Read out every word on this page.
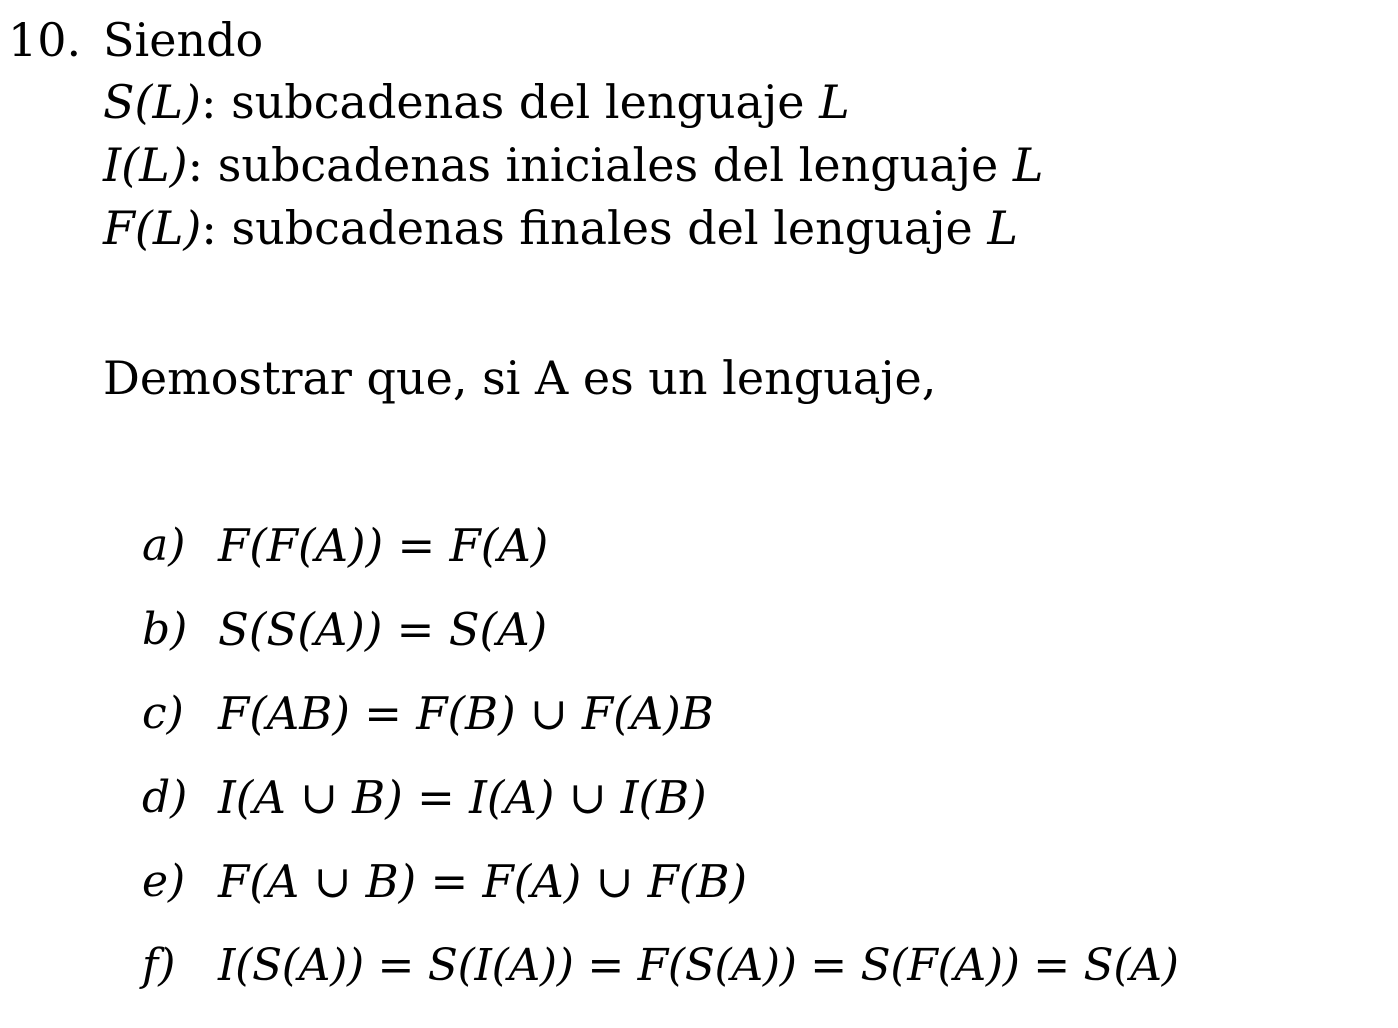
10. Siendo
S(L): subcadenas del lenguaje L
I(L): subcadenas iniciales del lenguaje L
F(L): subcadenas finales del lenguaje L
Demostrar que, si A es un lenguaje,
a) F(F(A)) = F(A)
b) S(S(A)) = S(A)
c) F(AB) = F(B) ∪ F(A)B
d) I(A ∪ B) = I(A) ∪ I(B)
e) F(A ∪ B) = F(A) ∪ F(B)
f) I(S(A)) = S(I(A)) = F(S(A)) = S(F(A)) = S(A)
